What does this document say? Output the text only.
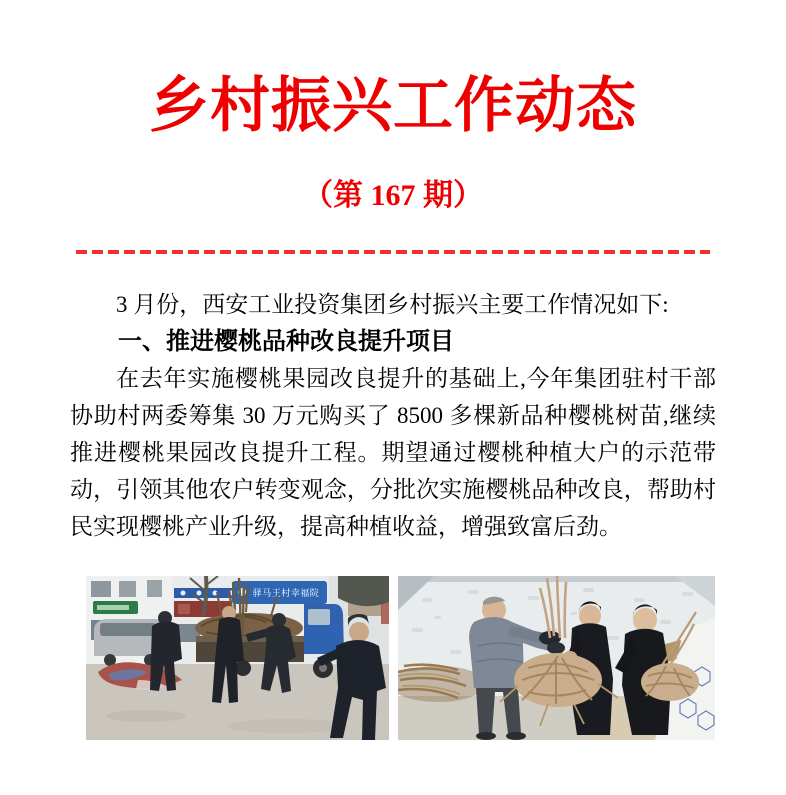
乡村振兴工作动态
（第 167 期）

3 月份，西安工业投资集团乡村振兴主要工作情况如下:

一、推进樱桃品种改良提升项目

在去年实施樱桃果园改良提升的基础上,今年集团驻村干部协助村两委筹集 30 万元购买了 8500 多棵新品种樱桃树苗,继续推进樱桃果园改良提升工程。期望通过樱桃种植大户的示范带动，引领其他农户转变观念，分批次实施樱桃品种改良，帮助村民实现樱桃产业升级，提高种植收益，增强致富后劲。

驿马王村幸福院
